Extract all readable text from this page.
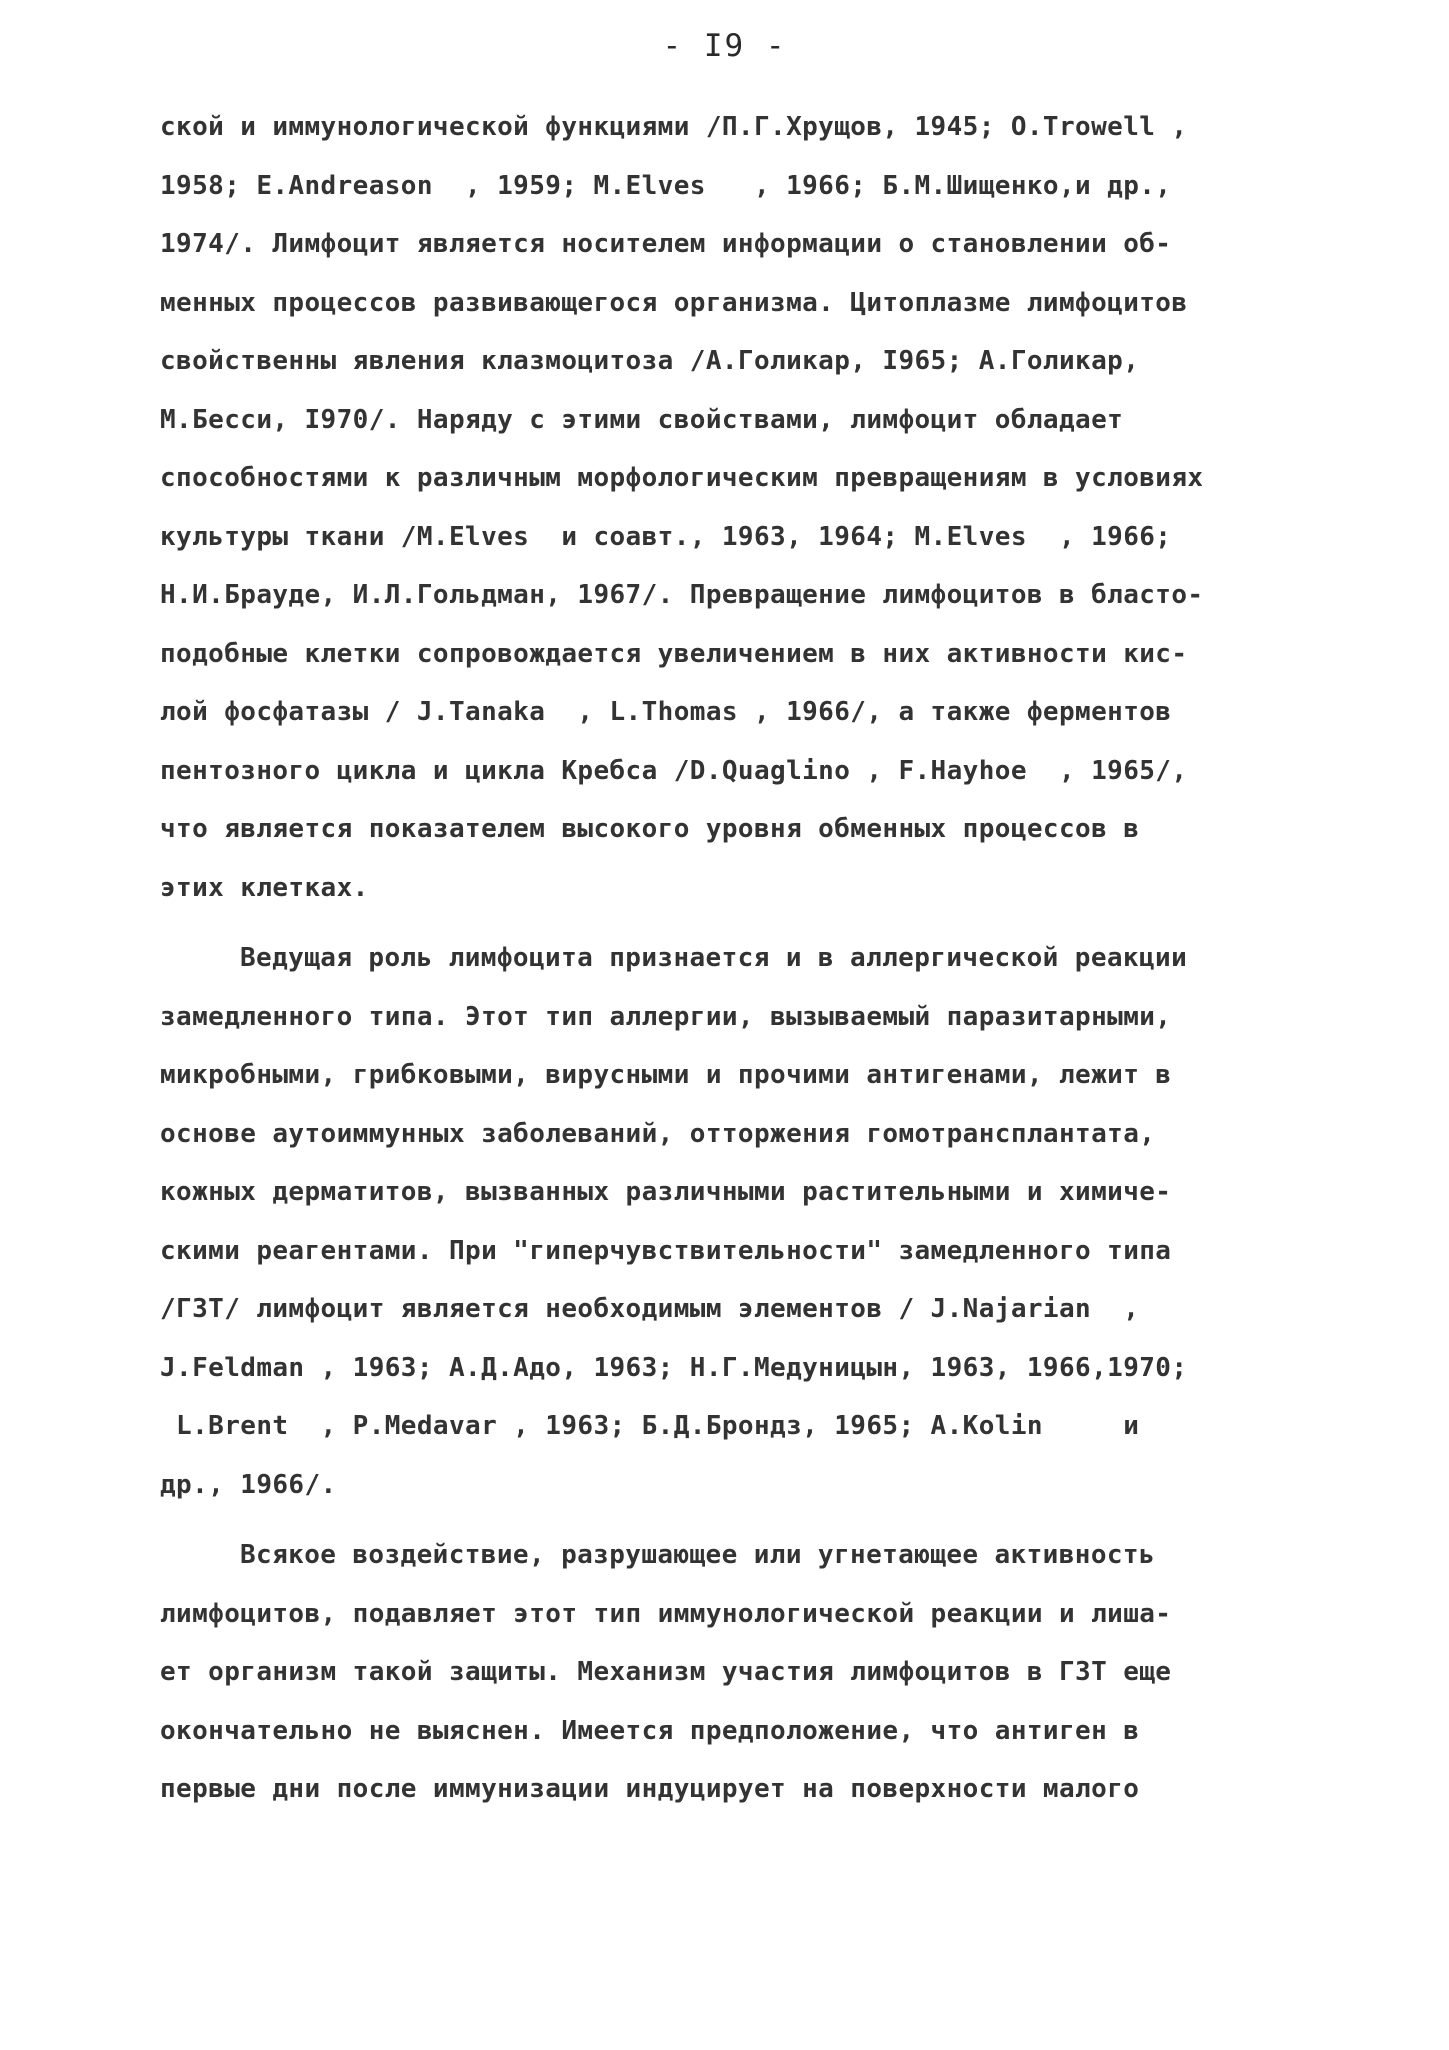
- I9 -
ской и иммунологической функциями /П.Г.Хрущов, 1945; O.Trowell ,
1958; E.Andreason  , 1959; M.Elves   , 1966; Б.М.Шищенко,и др.,
1974/. Лимфоцит является носителем информации о становлении об-
менных процессов развивающегося организма. Цитоплазме лимфоцитов
свойственны явления клазмоцитоза /А.Голикар, I965; А.Голикар,
М.Бесси, I970/. Наряду с этими свойствами, лимфоцит обладает
способностями к различным морфологическим превращениям в условиях
культуры ткани /M.Elves  и соавт., 1963, 1964; M.Elves  , 1966;
Н.И.Брауде, И.Л.Гольдман, 1967/. Превращение лимфоцитов в бласто-
подобные клетки сопровождается увеличением в них активности кис-
лой фосфатазы / J.Tanaka  , L.Thomas , 1966/, а также ферментов
пентозного цикла и цикла Кребса /D.Quaglino , F.Hayhoe  , 1965/,
что является показателем высокого уровня обменных процессов в
этих клетках.
Ведущая роль лимфоцита признается и в аллергической реакции
замедленного типа. Этот тип аллергии, вызываемый паразитарными,
микробными, грибковыми, вирусными и прочими антигенами, лежит в
основе аутоиммунных заболеваний, отторжения гомотрансплантата,
кожных дерматитов, вызванных различными растительными и химиче-
скими реагентами. При "гиперчувствительности" замедленного типа
/ГЗТ/ лимфоцит является необходимым элементов / J.Najarian  ,
J.Feldman , 1963; А.Д.Адо, 1963; Н.Г.Медуницын, 1963, 1966,1970;
L.Brent  , P.Medavar , 1963; Б.Д.Брондз, 1965; A.Kolin     и
др., 1966/.
Всякое воздействие, разрушающее или угнетающее активность
лимфоцитов, подавляет этот тип иммунологической реакции и лиша-
ет организм такой защиты. Механизм участия лимфоцитов в ГЗТ еще
окончательно не выяснен. Имеется предположение, что антиген в
первые дни после иммунизации индуцирует на поверхности малого
